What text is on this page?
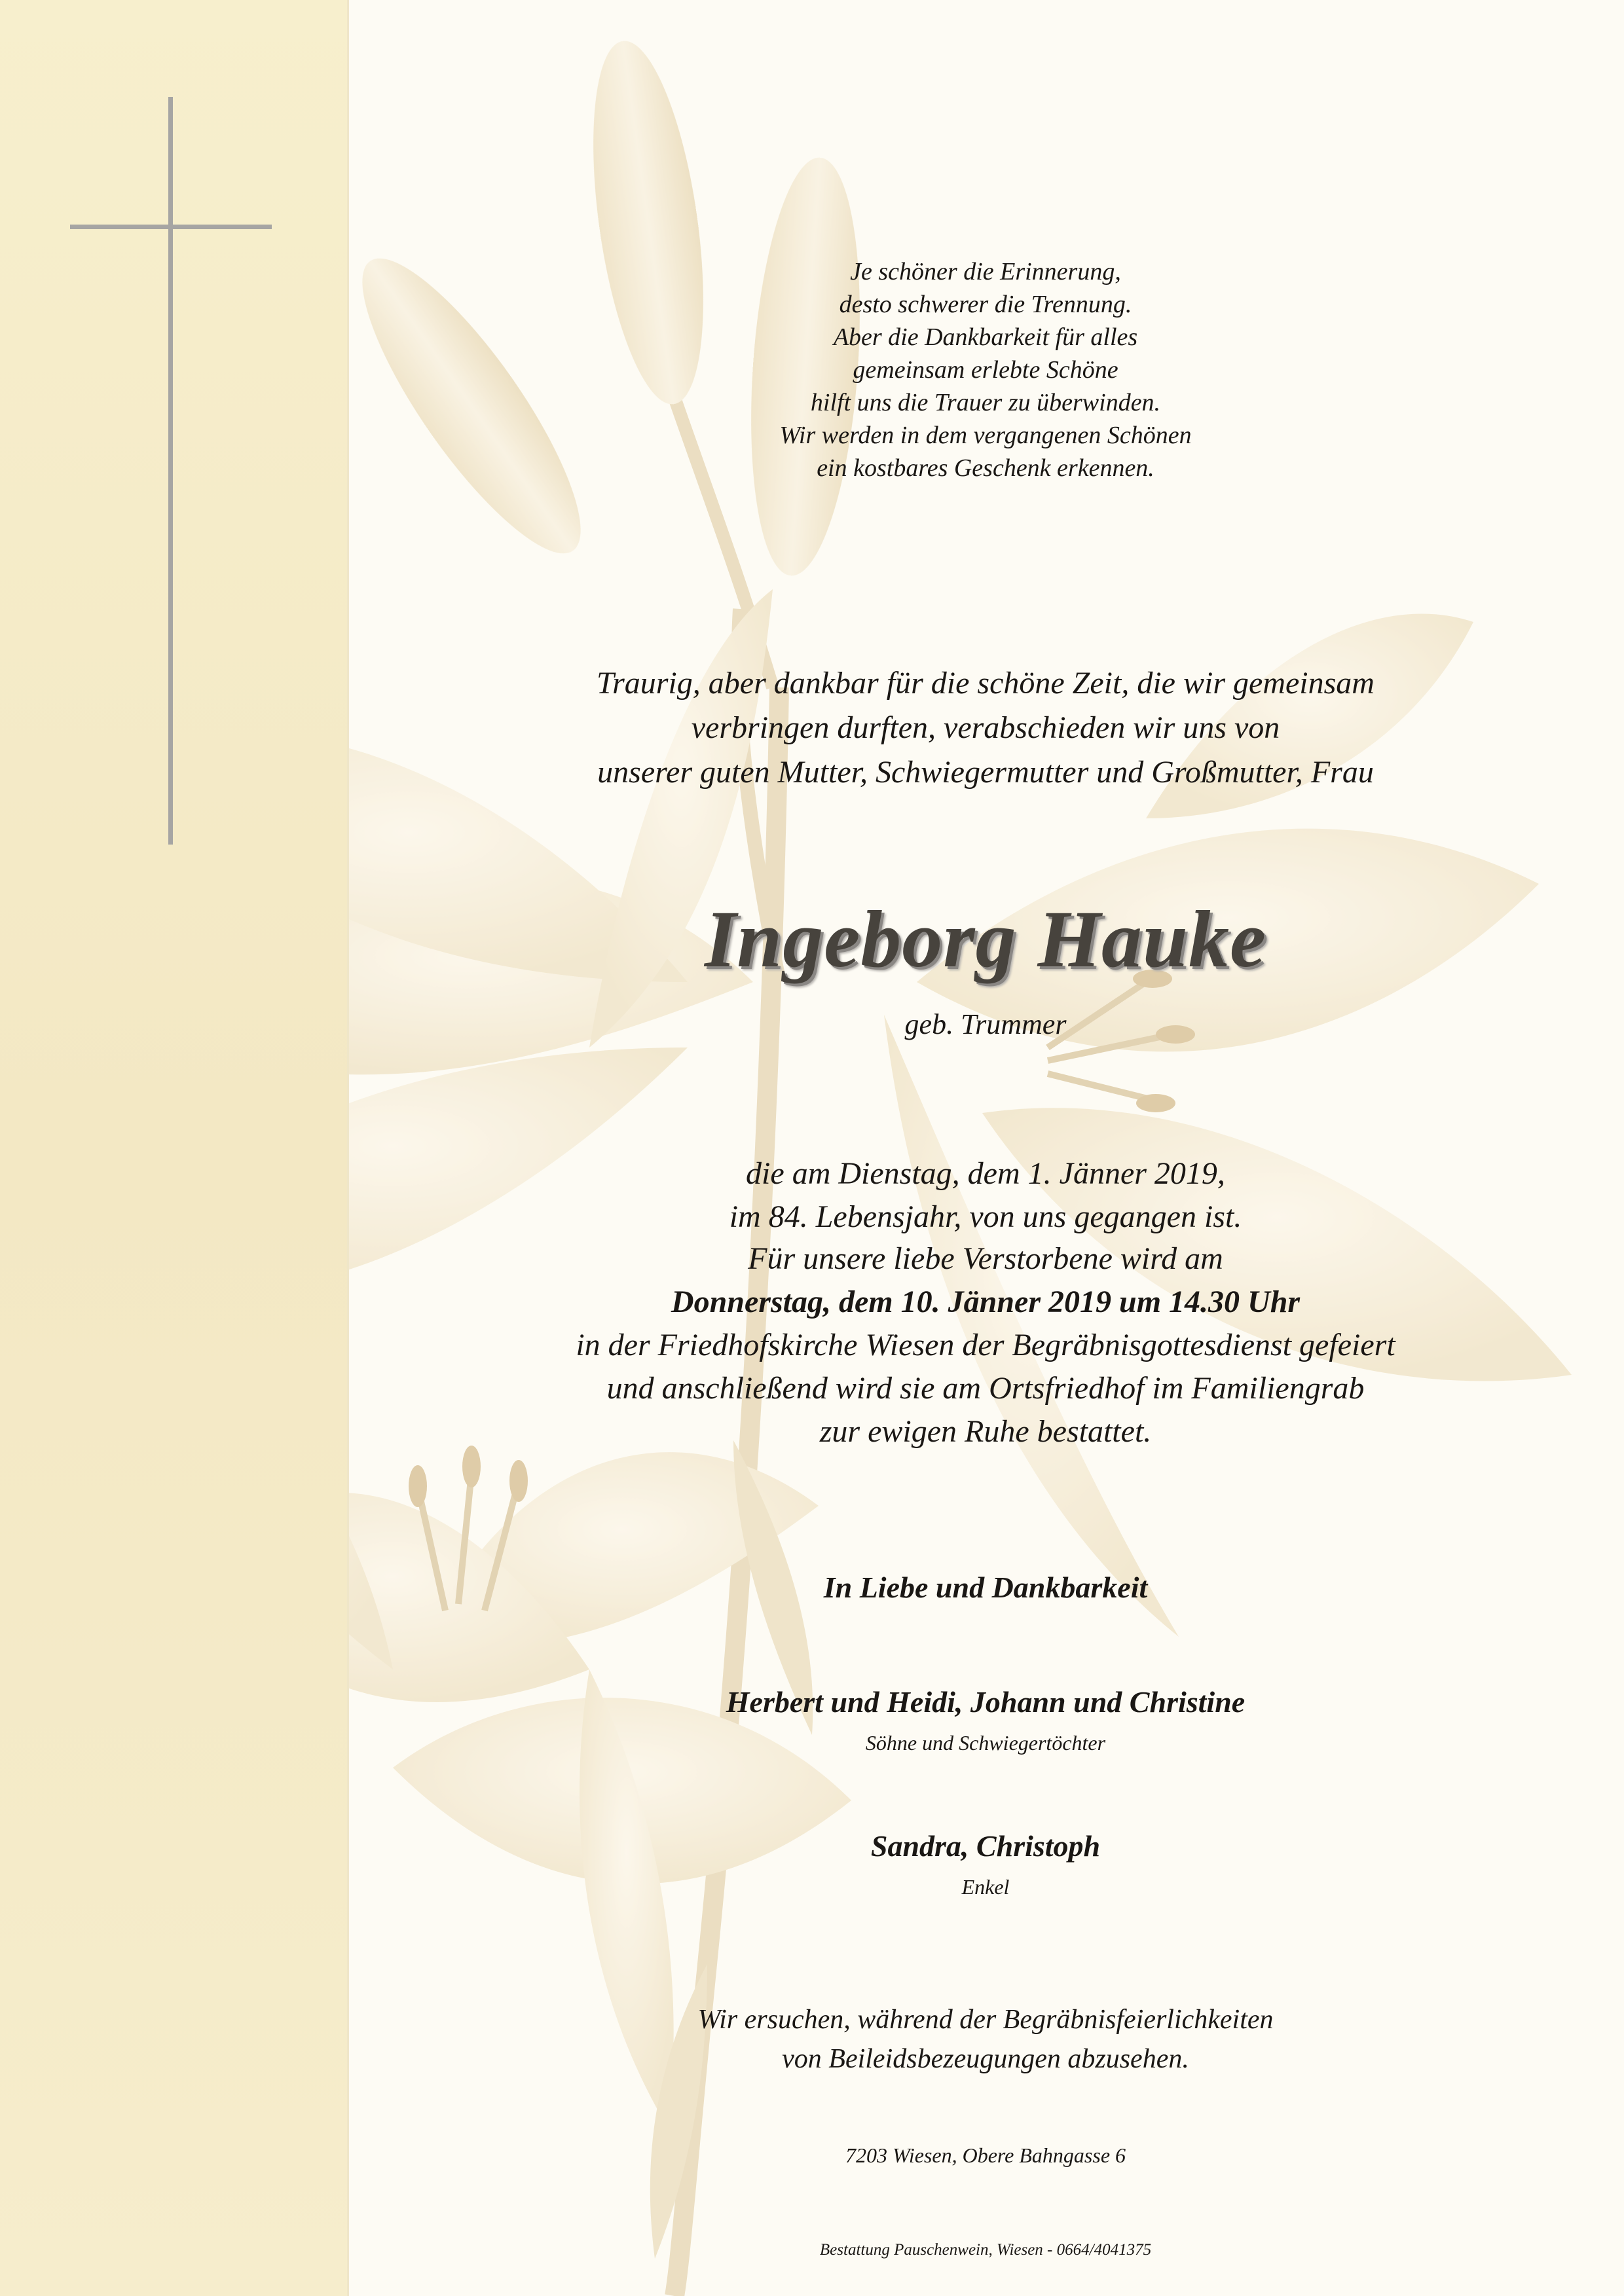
Je schöner die Erinnerung,
desto schwerer die Trennung.
Aber die Dankbarkeit für alles
gemeinsam erlebte Schöne
hilft uns die Trauer zu überwinden.
Wir werden in dem vergangenen Schönen
ein kostbares Geschenk erkennen.
Traurig, aber dankbar für die schöne Zeit, die wir gemeinsam
verbringen durften, verabschieden wir uns von
unserer guten Mutter, Schwiegermutter und Großmutter, Frau
Ingeborg Hauke
geb. Trummer
die am Dienstag, dem 1. Jänner 2019,
im 84. Lebensjahr, von uns gegangen ist.
Für unsere liebe Verstorbene wird am
Donnerstag, dem 10. Jänner 2019 um 14.30 Uhr
in der Friedhofskirche Wiesen der Begräbnisgottesdienst gefeiert
und anschließend wird sie am Ortsfriedhof im Familiengrab
zur ewigen Ruhe bestattet.
In Liebe und Dankbarkeit
Herbert und Heidi, Johann und Christine
Söhne und Schwiegertöchter
Sandra, Christoph
Enkel
Wir ersuchen, während der Begräbnisfeierlichkeiten
von Beileidsbezeugungen abzusehen.
7203 Wiesen, Obere Bahngasse 6
Bestattung Pauschenwein, Wiesen - 0664/4041375
